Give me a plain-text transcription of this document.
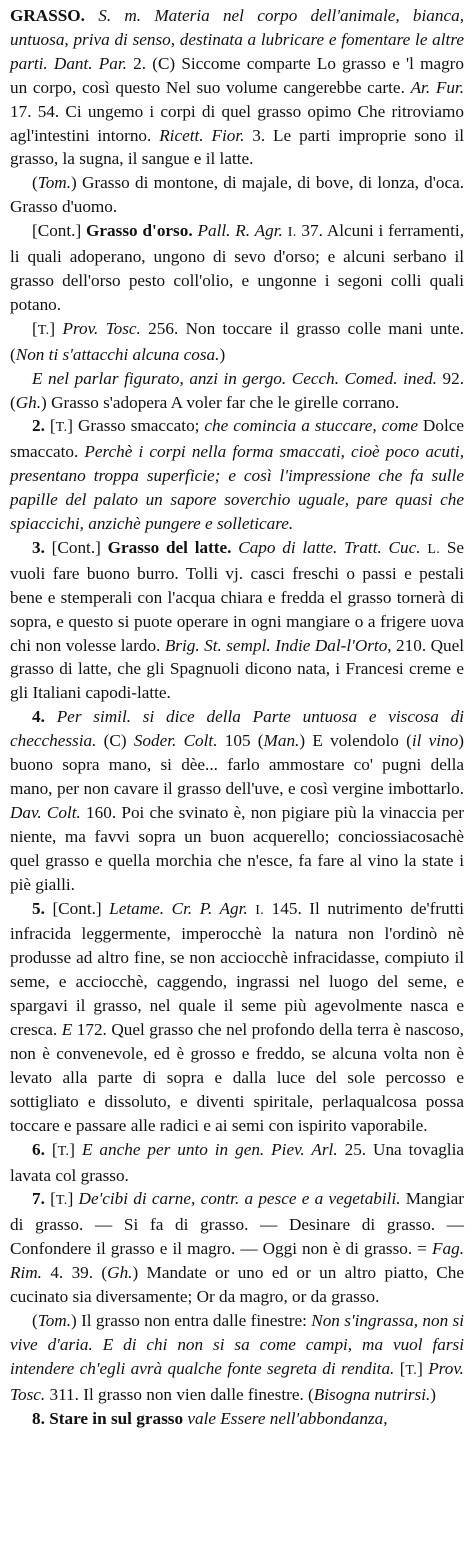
GRASSO. S. m. Materia nel corpo dell'animale, bianca, untuosa, priva di senso, destinata a lubricare e fomentare le altre parti. Dant. Par. 2. (C) Siccome comparte Lo grasso e 'l magro un corpo, così questo Nel suo volume cangerebbe carte. Ar. Fur. 17. 54. Ci ungemo i corpi di quel grasso opimo Che ritroviamo agl'intestini intorno. Ricett. Fior. 3. Le parti improprie sono il grasso, la sugna, il sangue e il latte.

(Tom.) Grasso di montone, di majale, di bove, di lonza, d'oca. Grasso d'uomo.

[Cont.] Grasso d'orso. Pall. R. Agr. I. 37. Alcuni i ferramenti, li quali adoperano, ungono di sevo d'orso; e alcuni serbano il grasso dell'orso pesto coll'olio, e ungonne i segoni colli quali potano.

[T.] Prov. Tosc. 256. Non toccare il grasso colle mani unte. (Non ti s'attacchi alcuna cosa.)

E nel parlar figurato, anzi in gergo. Cecch. Comed. ined. 92. (Gh.) Grasso s'adopera A voler far che le girelle corrano.

2. [T.] Grasso smaccato; che comincia a stuccare, come Dolce smaccato. Perchè i corpi nella forma smaccati, cioè poco acuti, presentano troppa superficie; e così l'impressione che fa sulle papille del palato un sapore soverchio uguale, pare quasi che spiaccichi, anzichè pungere e solleticare.

3. [Cont.] Grasso del latte. Capo di latte. Tratt. Cuc. L. Se vuoli fare buono burro. Tolli vj. casci freschi o passi e pestali bene e stemperali con l'acqua chiara e fredda el grasso tornerà di sopra, e questo si puote operare in ogni mangiare o a frigere uova chi non volesse lardo. Brig. St. sempl. Indie Dal-l'Orto, 210. Quel grasso di latte, che gli Spagnuoli dicono nata, i Francesi creme e gli Italiani capodi-latte.

4. Per simil. si dice della Parte untuosa e viscosa di checchessia. (C) Soder. Colt. 105 (Man.) E volendolo (il vino) buono sopra mano, si dèe... farlo ammostare co' pugni della mano, per non cavare il grasso dell'uve, e così vergine imbottarlo. Dav. Colt. 160. Poi che svinato è, non pigiare più la vinaccia per niente, ma favvi sopra un buon acquerello; conciossiacosachè quel grasso e quella morchia che n'esce, fa fare al vino la state i piè gialli.

5. [Cont.] Letame. Cr. P. Agr. I. 145. Il nutrimento de'frutti infracida leggermente, imperocchè la natura non l'ordinò nè produsse ad altro fine, se non acciocchè infracidasse, compiuto il seme, e acciocchè, caggendo, ingrassi nel luogo del seme, e spargavi il grasso, nel quale il seme più agevolmente nasca e cresca. E 172. Quel grasso che nel profondo della terra è nascoso, non è convenevole, ed è grosso e freddo, se alcuna volta non è levato alla parte di sopra e dalla luce del sole percosso e sottigliato e dissoluto, e diventi spiritale, perlaqualcosa possa toccare e passare alle radici e ai semi con ispirito vaporabile.

6. [T.] E anche per unto in gen. Piev. Arl. 25. Una tovaglia lavata col grasso.

7. [T.] De'cibi di carne, contr. a pesce e a vegetabili. Mangiar di grasso. — Si fa di grasso. — Desinare di grasso. — Confondere il grasso e il magro. — Oggi non è di grasso. = Fag. Rim. 4. 39. (Gh.) Mandate or uno ed or un altro piatto, Che cucinato sia diversamente; Or da magro, or da grasso.

(Tom.) Il grasso non entra dalle finestre: Non s'ingrassa, non si vive d'aria. E di chi non si sa come campi, ma vuol farsi intendere ch'egli avrà qualche fonte segreta di rendita. [T.] Prov. Tosc. 311. Il grasso non vien dalle finestre. (Bisogna nutrirsi.)

8. Stare in sul grasso vale Essere nell'abbondanza,
